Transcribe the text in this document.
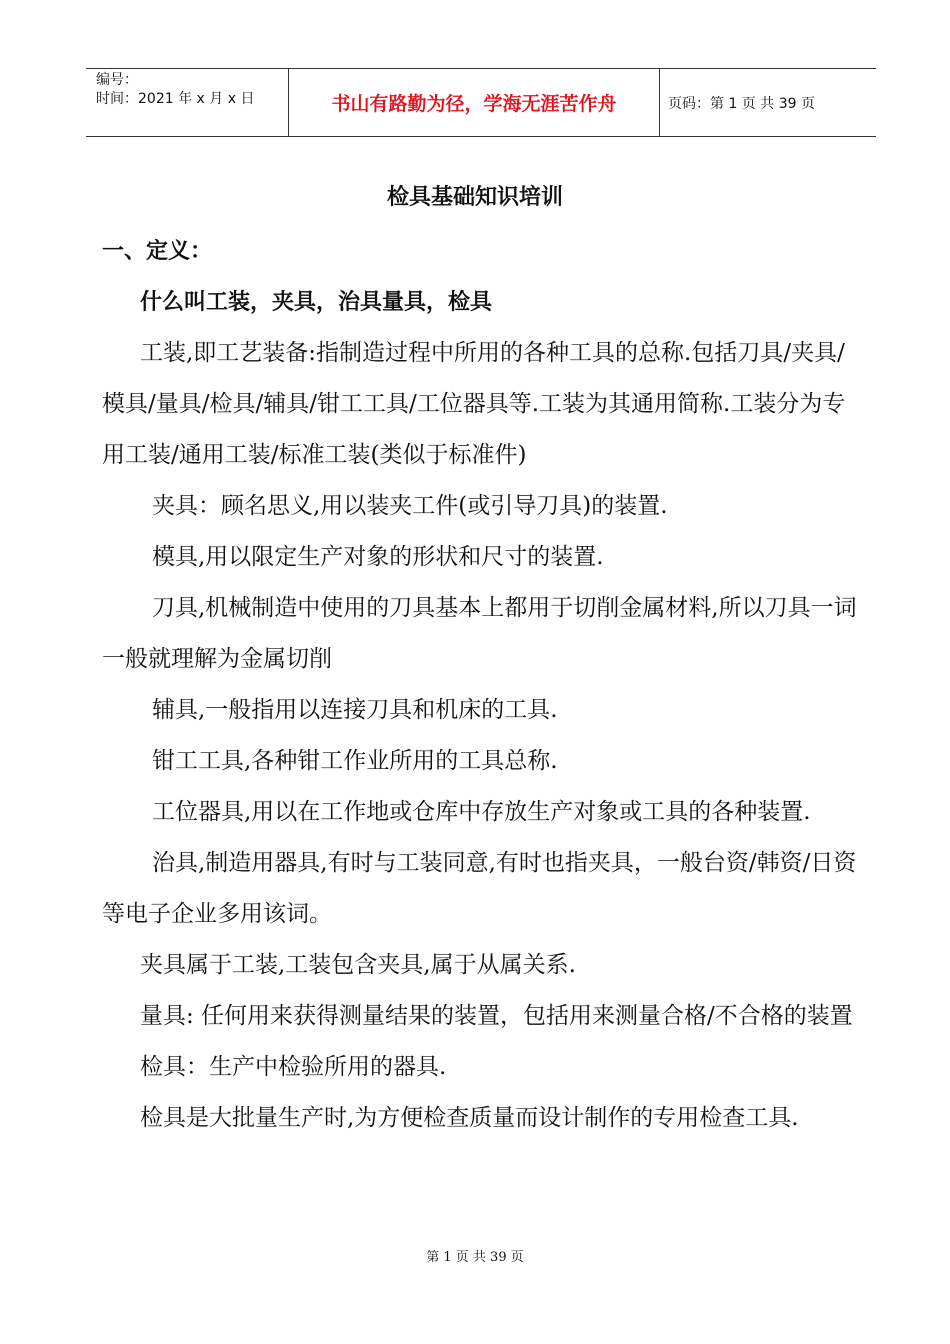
编号：
时间：2021 年 x 月 x 日	书山有路勤为径，学海无涯苦作舟	页码：第 1 页 共 39 页
检具基础知识培训

一、定义：

什么叫工装，夹具，治具量具，检具

工装,即工艺装备:指制造过程中所用的各种工具的总称.包括刀具/夹具/模具/量具/检具/辅具/钳工工具/工位器具等.工装为其通用简称.工装分为专用工装/通用工装/标准工装(类似于标准件)

夹具：顾名思义,用以装夹工件(或引导刀具)的装置.

模具,用以限定生产对象的形状和尺寸的装置.

刀具,机械制造中使用的刀具基本上都用于切削金属材料,所以刀具一词一般就理解为金属切削

辅具,一般指用以连接刀具和机床的工具.

钳工工具,各种钳工作业所用的工具总称.

工位器具,用以在工作地或仓库中存放生产对象或工具的各种装置.

治具,制造用器具,有时与工装同意,有时也指夹具，一般台资/韩资/日资等电子企业多用该词。

夹具属于工装,工装包含夹具,属于从属关系.

量具: 任何用来获得测量结果的装置，包括用来测量合格/不合格的装置

检具：生产中检验所用的器具.

检具是大批量生产时,为方便检查质量而设计制作的专用检查工具.

第 1 页 共 39 页
